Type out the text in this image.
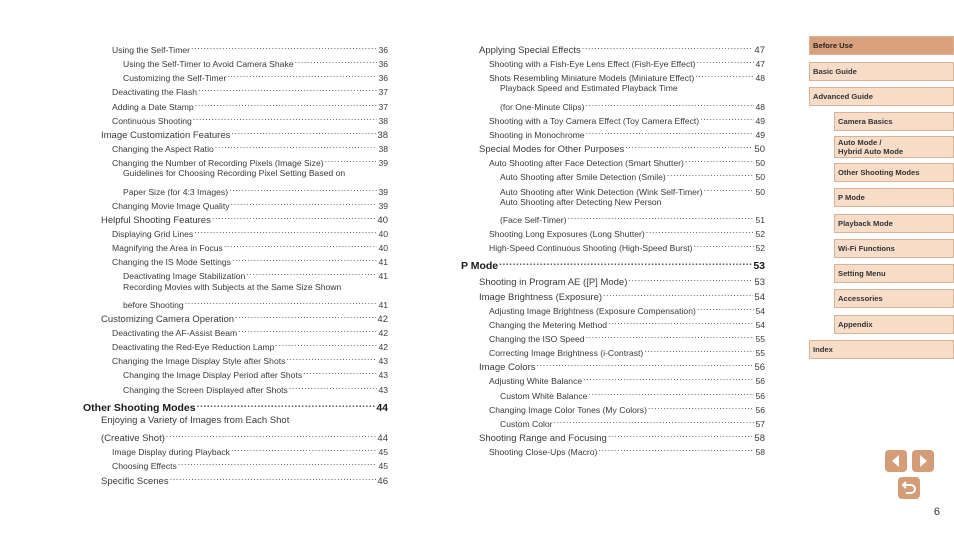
Using the Self-Timer .....	36
Using the Self-Timer to Avoid Camera Shake .....	36
Customizing the Self-Timer .....	36
Deactivating the Flash .....	37
Adding a Date Stamp .....	37
Continuous Shooting .....	38
Image Customization Features .....	38
Changing the Aspect Ratio .....	38
Changing the Number of Recording Pixels (Image Size) .....	39
Guidelines for Choosing Recording Pixel Setting Based on
Paper Size (for 4:3 Images) .....	39
Changing Movie Image Quality .....	39
Helpful Shooting Features .....	40
Displaying Grid Lines .....	40
Magnifying the Area in Focus .....	40
Changing the IS Mode Settings .....	41
Deactivating Image Stabilization .....	41
Recording Movies with Subjects at the Same Size Shown
before Shooting .....	41
Customizing Camera Operation .....	42
Deactivating the AF-Assist Beam .....	42
Deactivating the Red-Eye Reduction Lamp .....	42
Changing the Image Display Style after Shots .....	43
Changing the Image Display Period after Shots .....	43
Changing the Screen Displayed after Shots .....	43
Other Shooting Modes .....	44
Enjoying a Variety of Images from Each Shot
(Creative Shot) .....	44
Image Display during Playback .....	45
Choosing Effects .....	45
Specific Scenes .....	46
Applying Special Effects .....	47
Shooting with a Fish-Eye Lens Effect (Fish-Eye Effect) .....	47
Shots Resembling Miniature Models (Miniature Effect) .....	48
Playback Speed and Estimated Playback Time
(for One-Minute Clips) .....	48
Shooting with a Toy Camera Effect (Toy Camera Effect) .....	49
Shooting in Monochrome .....	49
Special Modes for Other Purposes .....	50
Auto Shooting after Face Detection (Smart Shutter) .....	50
Auto Shooting after Smile Detection (Smile) .....	50
Auto Shooting after Wink Detection (Wink Self-Timer) .....	50
Auto Shooting after Detecting New Person
(Face Self-Timer) .....	51
Shooting Long Exposures (Long Shutter) .....	52
High-Speed Continuous Shooting (High-Speed Burst) .....	52
P Mode .....	53
Shooting in Program AE ([P] Mode) .....	53
Image Brightness (Exposure) .....	54
Adjusting Image Brightness (Exposure Compensation) .....	54
Changing the Metering Method .....	54
Changing the ISO Speed .....	55
Correcting Image Brightness (i-Contrast) .....	55
Image Colors .....	56
Adjusting White Balance .....	56
Custom White Balance .....	56
Changing Image Color Tones (My Colors) .....	56
Custom Color .....	57
Shooting Range and Focusing .....	58
Shooting Close-Ups (Macro) .....	58
Before Use
Basic Guide
Advanced Guide
Camera Basics
Auto Mode /
Hybrid Auto Mode
Other Shooting Modes
P Mode
Playback Mode
Wi-Fi Functions
Setting Menu
Accessories
Appendix
Index
6
